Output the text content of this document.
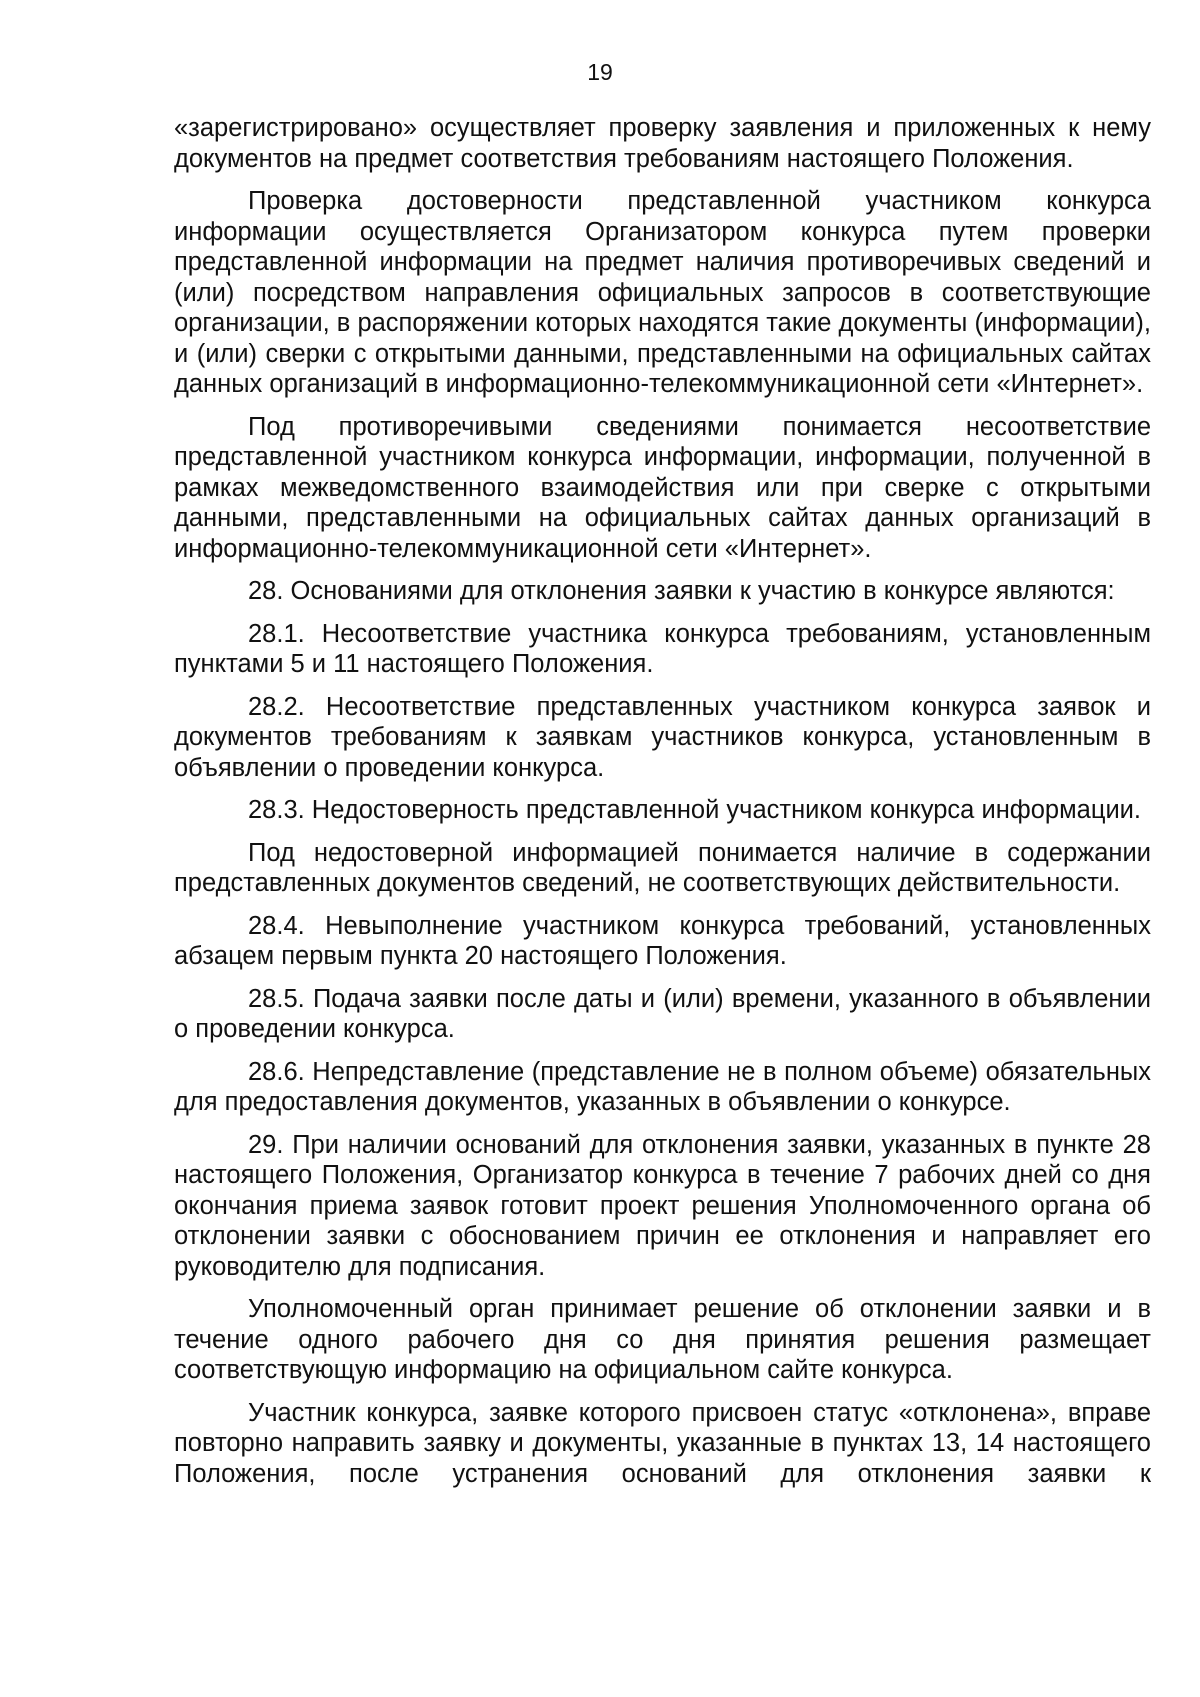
19

«зарегистрировано» осуществляет проверку заявления и приложенных к нему документов на предмет соответствия требованиям настоящего Положения.

Проверка достоверности представленной участником конкурса информации осуществляется Организатором конкурса путем проверки представленной информации на предмет наличия противоречивых сведений и (или) посредством направления официальных запросов в соответствующие организации, в распоряжении которых находятся такие документы (информации), и (или) сверки с открытыми данными, представленными на официальных сайтах данных организаций в информационно-телекоммуникационной сети «Интернет».

Под противоречивыми сведениями понимается несоответствие представленной участником конкурса информации, информации, полученной в рамках межведомственного взаимодействия или при сверке с открытыми данными, представленными на официальных сайтах данных организаций в информационно-телекоммуникационной сети «Интернет».

28. Основаниями для отклонения заявки к участию в конкурсе являются:

28.1. Несоответствие участника конкурса требованиям, установленным пунктами 5 и 11 настоящего Положения.

28.2. Несоответствие представленных участником конкурса заявок и документов требованиям к заявкам участников конкурса, установленным в объявлении о проведении конкурса.

28.3. Недостоверность представленной участником конкурса информации.

Под недостоверной информацией понимается наличие в содержании представленных документов сведений, не соответствующих действительности.

28.4. Невыполнение участником конкурса требований, установленных абзацем первым пункта 20 настоящего Положения.

28.5. Подача заявки после даты и (или) времени, указанного в объявлении о проведении конкурса.

28.6. Непредставление (представление не в полном объеме) обязательных для предоставления документов, указанных в объявлении о конкурсе.

29. При наличии оснований для отклонения заявки, указанных в пункте 28 настоящего Положения, Организатор конкурса в течение 7 рабочих дней со дня окончания приема заявок готовит проект решения Уполномоченного органа об отклонении заявки с обоснованием причин ее отклонения и направляет его руководителю для подписания.

Уполномоченный орган принимает решение об отклонении заявки и в течение одного рабочего дня со дня принятия решения размещает соответствующую информацию на официальном сайте конкурса.

Участник конкурса, заявке которого присвоен статус «отклонена», вправе повторно направить заявку и документы, указанные в пунктах 13, 14 настоящего Положения, после устранения оснований для отклонения заявки к
